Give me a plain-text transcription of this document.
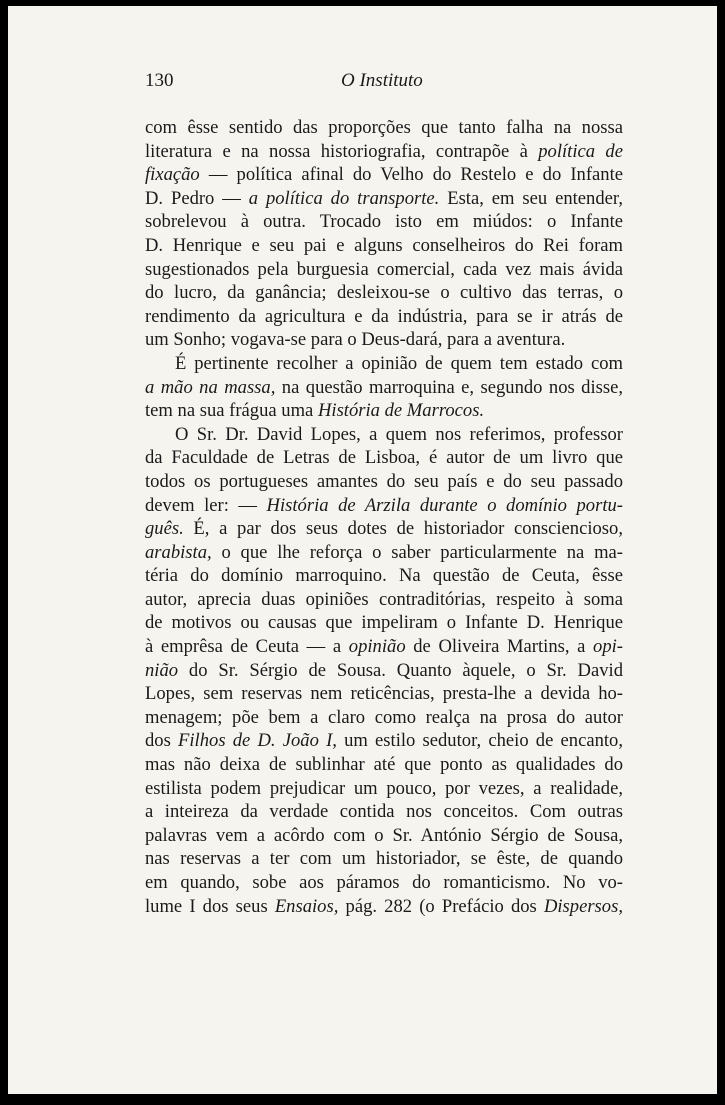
130	O Instituto

com êsse sentido das proporções que tanto falha na nossa

literatura e na nossa historiografia, contrapõe à política de

fixação — política afinal do Velho do Restelo e do Infante

D. Pedro — a política do transporte. Esta, em seu entender,

sobrelevou à outra. Trocado isto em miúdos: o Infante

D. Henrique e seu pai e alguns conselheiros do Rei foram

sugestionados pela burguesia comercial, cada vez mais ávida

do lucro, da ganância; desleixou-se o cultivo das terras, o

rendimento da agricultura e da indústria, para se ir atrás de

um Sonho; vogava-se para o Deus-dará, para a aventura.

É pertinente recolher a opinião de quem tem estado com

a mão na massa, na questão marroquina e, segundo nos disse,

tem na sua frágua uma História de Marrocos.

O Sr. Dr. David Lopes, a quem nos referimos, professor

da Faculdade de Letras de Lisboa, é autor de um livro que

todos os portugueses amantes do seu país e do seu passado

devem ler: — História de Arzila durante o domínio portu-

guês. É, a par dos seus dotes de historiador consciencioso,

arabista, o que lhe reforça o saber particularmente na ma-

téria do domínio marroquino. Na questão de Ceuta, êsse

autor, aprecia duas opiniões contraditórias, respeito à soma

de motivos ou causas que impeliram o Infante D. Henrique

à emprêsa de Ceuta — a opinião de Oliveira Martins, a opi-

nião do Sr. Sérgio de Sousa. Quanto àquele, o Sr. David

Lopes, sem reservas nem reticências, presta-lhe a devida ho-

menagem; põe bem a claro como realça na prosa do autor

dos Filhos de D. João I, um estilo sedutor, cheio de encanto,

mas não deixa de sublinhar até que ponto as qualidades do

estilista podem prejudicar um pouco, por vezes, a realidade,

a inteireza da verdade contida nos conceitos. Com outras

palavras vem a acôrdo com o Sr. António Sérgio de Sousa,

nas reservas a ter com um historiador, se êste, de quando

em quando, sobe aos páramos do romanticismo. No vo-

lume I dos seus Ensaios, pág. 282 (o Prefácio dos Dispersos,
